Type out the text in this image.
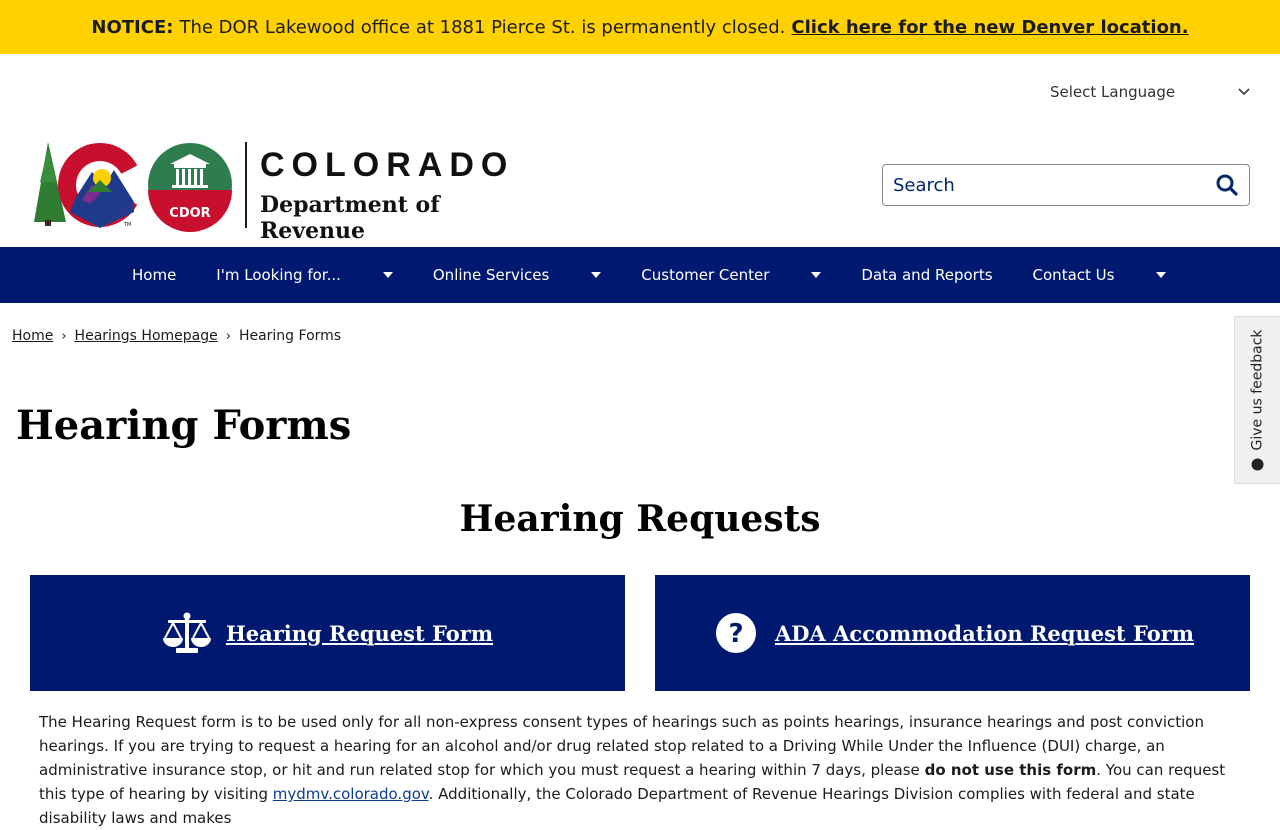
NOTICE: The DOR Lakewood office at 1881 Pierce St. is permanently closed. Click here for the new Denver location.
Select Language
TM
CDOR
COLORADO
Department of Revenue
Search
Home	I'm Looking for...	Online Services	Customer Center	Data and Reports	Contact Us
Home › Hearings Homepage › Hearing Forms
Hearing Forms
Hearing Requests
Hearing Request Form	? ADA Accommodation Request Form

The Hearing Request form is to be used only for all non-express consent types of hearings such as points hearings, insurance hearings and post conviction hearings. If you are trying to request a hearing for an alcohol and/or drug related stop related to a Driving While Under the Influence (DUI) charge, an administrative insurance stop, or hit and run related stop for which you must request a hearing within 7 days, please do not use this form. You can request this type of hearing by visiting mydmv.colorado.gov. Additionally, the Colorado Department of Revenue Hearings Division complies with federal and state disability laws and makes

Give us feedback
